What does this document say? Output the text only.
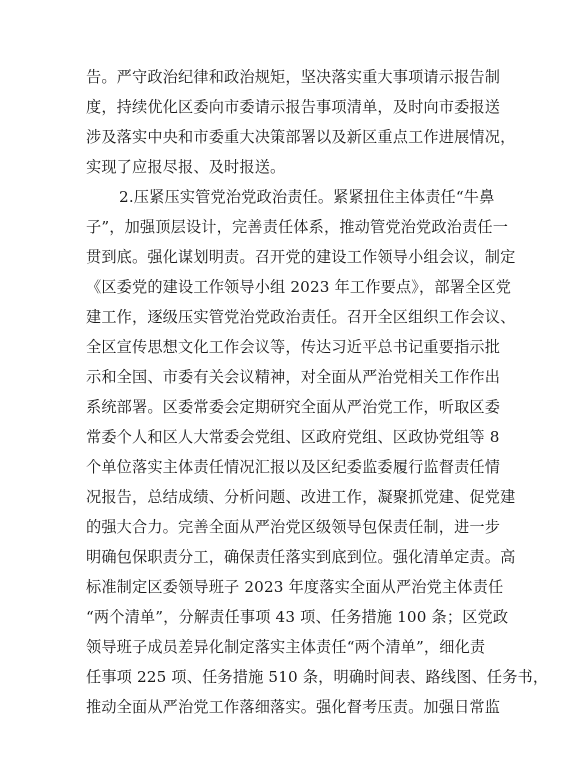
告。严守政治纪律和政治规矩，坚决落实重大事项请示报告制
度，持续优化区委向市委请示报告事项清单，及时向市委报送
涉及落实中央和市委重大决策部署以及新区重点工作进展情况，
实现了应报尽报、及时报送。
2.压紧压实管党治党政治责任。紧紧扭住主体责任“牛鼻
子”，加强顶层设计，完善责任体系，推动管党治党政治责任一
贯到底。强化谋划明责。召开党的建设工作领导小组会议，制定
《区委党的建设工作领导小组 2023 年工作要点》，部署全区党
建工作，逐级压实管党治党政治责任。召开全区组织工作会议、
全区宣传思想文化工作会议等，传达习近平总书记重要指示批
示和全国、市委有关会议精神，对全面从严治党相关工作作出
系统部署。区委常委会定期研究全面从严治党工作，听取区委
常委个人和区人大常委会党组、区政府党组、区政协党组等 8
个单位落实主体责任情况汇报以及区纪委监委履行监督责任情
况报告，总结成绩、分析问题、改进工作，凝聚抓党建、促党建
的强大合力。完善全面从严治党区级领导包保责任制，进一步
明确包保职责分工，确保责任落实到底到位。强化清单定责。高
标准制定区委领导班子 2023 年度落实全面从严治党主体责任
“两个清单”，分解责任事项 43 项、任务措施 100 条；区党政
领导班子成员差异化制定落实主体责任“两个清单”，细化责
任事项 225 项、任务措施 510 条，明确时间表、路线图、任务书，
推动全面从严治党工作落细落实。强化督考压责。加强日常监
